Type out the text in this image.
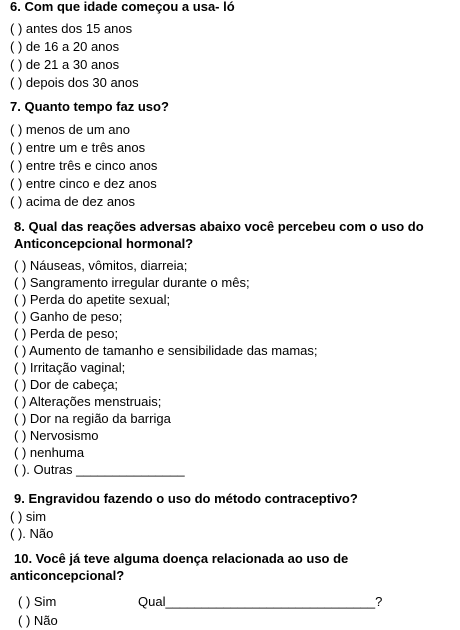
6. Com que idade começou a usa- ló
( ) antes dos 15 anos
( ) de 16 a 20 anos
( ) de 21 a 30 anos
( ) depois dos 30 anos
7. Quanto tempo faz uso?
( ) menos de um ano
( ) entre um e três anos
( ) entre três e cinco anos
( ) entre cinco e dez anos
( ) acima de dez anos
8. Qual das reações adversas abaixo você percebeu com o uso do
Anticoncepcional hormonal?
( ) Náuseas, vômitos, diarreia;
( ) Sangramento irregular durante o mês;
( ) Perda do apetite sexual;
( ) Ganho de peso;
( ) Perda de peso;
( ) Aumento de tamanho e sensibilidade das mamas;
( ) Irritação vaginal;
( ) Dor de cabeça;
( ) Alterações menstruais;
( ) Dor na região da barriga
( ) Nervosismo
( ) nenhuma
( ). Outras _______________
9. Engravidou fazendo o uso do método contraceptivo?
( ) sim
( ). Não
10. Você já teve alguma doença relacionada ao uso de
anticoncepcional?
( ) Sim	Qual_____________________________?
( ) Não
